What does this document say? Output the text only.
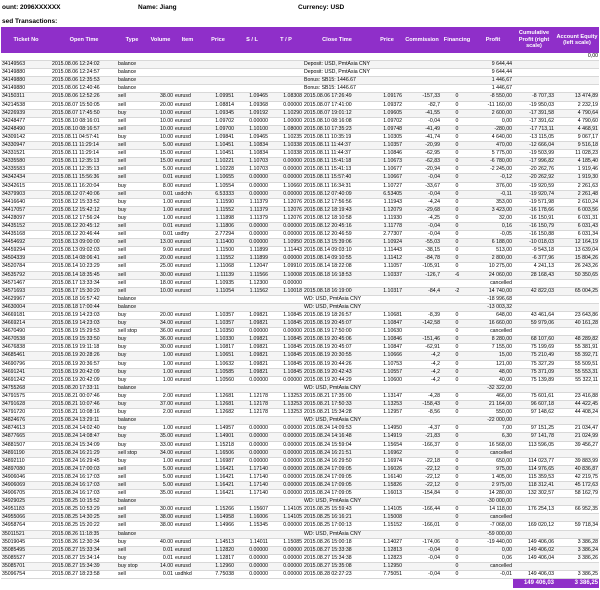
ount: 2096XXXXXX	Name: Jiang	Currency: USD
sed Transactions:
Ticket No	Open Time	Type	Volume	Item	Price	S / L	T / P	Close Time	Price	Commission	Financing	Profit	Cumulative Profit (right scale)	Account Equity (left scale)
														0,00
34149563	2015.08.06 12:24:02	balance						Deposit: USD, PmtAsia CNY				9 644,44		
34149880	2015.08.06 12:24:57	balance						Deposit: USD, PmtAsia CNY				9 644,44		
34149880	2015.08.06 12:35:53	balance						Bonus: SB15: 1446.67				1 446,67		
34149880	2015.08.06 12:40:46	balance						Bonus: SB15: 1446.67				1 446,67		
34150311	2015.08.06 12:52:26	sell	38.00	eurusd	1.09951	1.09465	1.08308	2015.08.06 17:26:49	1.09176	-157,33	0	-8 550,00	-8 707,33	13 474,89
34214538	2015.08.07 15:50:05	sell	20.00	eurusd	1.08814	1.09368	0.00000	2015.08.07 17:41:00	1.09372	-82,7	0	-11 160,00	-19 950,03	2 232,19
34226939	2015.08.07 17:45:50	buy	10.00	eurusd	1.09345	1.09192	1.10290	2015.08.07 19:01:12	1.09605	-41,55	0	2 600,00	-17 391,58	4 790,64
34248477	2015.08.10 08:16:01	sell	10.00	eurusd	1.09702	0.00000	1.00000	2015.08.10 08:16:08	1.09702	-0,04	0	0,00	-17 391,62	4 790,60
34248490	2015.08.10 08:16:57	sell	10.00	eurusd	1.09700	1.10100	1.08000	2015.08.10 17:35:23	1.09748	-41,49	0	-280,00	-17 713,11	4 468,91
34309142	2015.08.11 04:57:41	buy	10.00	eurusd	1.09841	1.09465	1.10235	2015.08.11 10:35:19	1.10305	-41,74	0	4 640,00	-13 115,05	9 067,17
34330947	2015.08.11 11:29:14	sell	5.00	eurusd	1.10451	1.10834	1.10338	2015.08.11 11:44:37	1.10357	-20,99	0	470,00	-12 666,04	9 516,18
34331521	2015.08.11 11:29:14	sell	15.00	eurusd	1.10451	1.10834	1.10338	2015.08.11 11:44:37	1.10846	-62,95	0	5 775,00	-19 503,99	11 028,23
34335580	2015.08.11 12:35:13	sell	15.00	eurusd	1.10221	1.10703	0.00000	2015.08.11 15:41:18	1.10673	-62,83	0	-6 780,00	-17 996,82	4 185,40
34335583	2015.08.11 12:35:13	sell	5.00	eurusd	1.10228	1.10703	0.00000	2015.08.11 15:41:13	1.10677	-20,94	0	-2 245,00	-20 262,76	1 919,46
34342434	2015.08.11 15:56:36	sell	0.01	eurusd	1.10655	0.00000	0.00000	2015.08.11 15:57:40	1.10667	-0,04	0	-0,12	-20 262,92	1 919,30
34342615	2015.08.11 16:20:04	buy	8.00	eurusd	1.10554	0.00000	1.10660	2015.08.11 16:34:31	1.10727	-33,67	0	376,00	-19 920,59	2 261,63
34379903	2015.08.12 07:40:06	sell	0.01	usdchh	6.53333	0.00000	0.00000	2015.08.12 07:40:09	6.53405	-0,04	0	-0,11	-19 920,74	2 261,48
34416640	2015.08.12 15:33:52	buy	1.00	eurusd	1.11590	1.11379	1.12076	2015.08.12 17:56:56	1.11943	-4,24	0	353,00	-19 571,98	2 610,24
34417057	2015.08.12 15:42:12	buy	1.00	eurusd	1.11552	1.11379	1.12076	2015.08.12 18:19:43	1.12079	-29,68	0	3 423,00	-16 178,66	6 003,56
34428097	2015.08.12 17:56:24	buy	1.00	eurusd	1.11898	1.11379	1.12076	2015.08.12 18:10:58	1.11930	-4,25	0	32,00	-16 150,91	6 031,31
34435152	2015.08.12 20:45:12	sell	0.01	eurusd	1.11806	0.00000	0.00000	2015.08.12 20:45:16	1.11778	-0,04	0	0,16	-16 150,79	6 031,43
34435168	2015.08.12 20:46:44	sell	0.01	usdtry	2.77294	0.00000	0.00000	2015.08.12 20:46:59	2.77307	-0,04	0	-0,05	-16 150,88	6 031,34
34454692	2015.08.13 09:00:00	sell	13.00	eurusd	1.11400	0.00000	1.10950	2015.08.13 15:39:06	1.10924	-55,03	0	6 188,00	-10 018,03	12 164,19
34459294	2015.08.13 09:02:03	sell	9.00	eurusd	1.11500	1.11899	1.11443	2015.08.14 09:03:10	1.11443	-38,15	0	513,00	-9 543,18	13 639,04
34504339	2015.08.14 08:06:41	sell	20.00	eurusd	1.11552	1.11899	0.00000	2015.08.14 09:10:55	1.11412	-84,78	0	2 800,00	-6 377,96	15 804,26
34520784	2015.08.14 10:23:29	sell	25.00	eurusd	1.11068	1.12047	1.09910	2015.08.14 18:22:08	1.11057	-105,91	0	10 275,00	4 241,13	26 243,26
34535792	2015.08.14 18:35:45	sell	30.00	eurusd	1.11139	1.11566	1.10008	2015.08.18 16:18:53	1.10337	-126,7	-6	24 060,00	28 168,43	50 350,65
34571467	2015.08.17 13:33:34	sell	18.00	eurusd	1.10935	1.12300	0.00000					cancelled		
34571693	2015.08.17 15:30:20	sell	10.00	eurusd	1.11054	1.11562	1.10018	2015.08.18 16:19:00	1.10317	-84,4	-2	14 740,00	42 822,03	65 004,25
34629967	2015.08.18 16:57:42	balance						WD: USD, PmtAsia CNY				-18 996,68		
34630004	2015.08.18 17:00:44	balance						WD: USD, PmtAsia CNY				-13 003,32		
34669181	2015.08.19 14:23:03	buy	20.00	eurusd	1.10357	1.09821	1.10845	2015.08.19 18:26:57	1.10681	-8,39	0	648,00	43 461,64	23 643,86
34669214	2015.08.19 14:23:03	buy	34.00	eurusd	1.10357	1.09821	1.10845	2015.08.19 20:45:07	1.10847	-142,58	0	16 660,00	59 979,06	40 161,28
34670490	2015.08.19 15:29:53	sell stop	36.00	eurusd	1.10350	0.00000	0.00000	2015.08.19 17:50:00	1.10630		0	cancelled		
34670538	2015.08.19 15:33:50	buy	36.00	eurusd	1.10330	1.09821	1.10845	2015.08.19 20:45:06	1.10846	-151,46	0	8 280,00	68 107,60	48 289,82
34676838	2015.08.19 19:11:18	buy	30.00	eurusd	1.10817	1.09821	1.10845	2015.08.19 20:45:07	1.10847	-62,91	0	7 155,00	75 199,69	55 381,91
34685461	2015.08.19 20:28:26	buy	1.00	eurusd	1.10651	1.09821	1.10845	2015.08.19 20:30:55	1.10666	-4,2	0	15,00	75 210,49	55 392,71
34690796	2015.08.19 20:36:57	buy	1.00	eurusd	1.10632	1.09821	1.10845	2015.08.19 20:44:26	1.10753	-4,2	0	121,00	75 327,29	55 509,51
34691241	2015.08.19 20:42:09	buy	1.00	eurusd	1.10585	1.09821	1.10845	2015.08.19 20:42:43	1.10557	-4,2	0	48,00	75 371,09	55 553,31
34691242	2015.08.19 20:42:09	buy	1.00	eurusd	1.10560	0.00000	0.00000	2015.08.19 20:44:29	1.10600	-4,2	0	40,00	75 139,89	55 322,11
34755268	2015.08.20 17:33:11	balance						WD: USD, PmtAsia CNY				-32 322,00		
34791575	2015.08.21 00:07:46	buy	2.00	eurusd	1.12681	1.12178	1.13253	2015.08.21 17:35:00	1.13147	-4,28	0	466,00	75 601,61	23 416,88
34791628	2015.08.21 10:07:46	buy	37.00	eurusd	1.12681	1.12178	1.13253	2015.08.21 17:50:33	1.13253	-158,43	0	21 164,00	96 607,18	44 422,45
34791720	2015.08.21 10:08:16	buy	2.00	eurusd	1.12682	1.12178	1.13253	2015.08.21 15:34:28	1.12957	-8,56	0	550,00	97 148,62	44 408,24
34824676	2015.08.24 13:29:11	balance						WD: USD, PmtAsia CNY				-22 000,00		
34874613	2015.08.24 14:02:40	buy	1.00	eurusd	1.14957	0.00000	0.00000	2015.08.24 14:09:53	1.14950	-4,37	0	7,00	97 151,25	21 034,47
34877665	2015.08.24 14:08:47	buy	35.00	eurusd	1.14901	0.00000	0.00000	2015.08.24 14:16:48	1.14919	-21,83	0	6,30	97 141,78	21 024,99
34881507	2015.08.24 15:34:09	buy	33.00	eurusd	1.15218	0.00000	0.00000	2015.08.24 15:59:04	1.15654	-166,37	0	16 568,00	113 596,05	39 456,27
34891190	2015.08.24 16:21:29	sell stop	34.00	eurusd	1.16506	0.00000	0.00000	2015.08.24 16:21:51	1.16962		0	cancelled		
34892110	2015.08.24 16:29:45	buy	1.00	eurusd	1.16987	0.00000	0.00000	2015.08.24 16:29:50	1.16974	-22,18	0	650,00	114 023,77	39 883,99
34897080	2015.08.24 17:00:03	sell	5.00	eurusd	1.16421	1.17140	0.00000	2015.08.24 17:09:05	1.16026	-22,12	0	975,00	114 976,65	40 836,87
34906046	2015.08.24 16:17:03	sell	5.00	eurusd	1.16421	1.17140	0.00000	2015.08.24 17:09:05	1.16140	-22,12	0	1 405,00	115 359,53	42 219,75
34906069	2015.08.24 16:17:03	sell	5.00	eurusd	1.16421	1.17140	0.00000	2015.08.24 17:09:05	1.15826	-22,12	0	2 975,00	118 312,41	45 172,63
34906705	2015.08.24 16:17:03	sell	35.00	eurusd	1.16421	1.17140	0.00000	2015.08.24 17:09:05	1.16013	-154,84	0	14 280,00	132 302,57	58 162,79
34929025	2015.08.25 10:15:52	balance						WD: USD, PmtAsia CNY				-30 000,00		
34951183	2015.08.25 10:53:29	sell	30.00	eurusd	1.15266	1.15607	1.14105	2015.08.25 15:59:43	1.14105	-166,44	0	14 118,00	176 254,13	66 952,35
34955066	2015.08.25 14:30:25	sell	38.00	eurusd	1.14958	1.16006	1.14105	2015.08.25 16:16:21	1.15008		0	cancelled		
34958764	2015.08.25 15:20:22	sell	38.00	eurusd	1.14966	1.15345	0.00000	2015.08.25 17:00:13	1.15152	-166,01	0	-7 068,00	169 020,12	59 718,34
35011521	2015.08.26 11:18:35	balance						WD: USD, PmtAsia CNY				-59 000,00		
35019045	2015.08.26 12:30:34	buy	40.00	eurusd	1.14513	1.14011	1.15085	2015.08.26 15:00:18	1.14027	-174,06	0	-19 440,00	149 406,06	3 386,28
35085495	2015.08.27 15:33:34	sell	0.01	eurusd	1.12820	0.00000	0.00000	2015.08.27 15:33:38	1.12813	-0,04	0	0,00	149 406,02	3 386,24
35085527	2015.08.27 15:34:14	buy	0.01	eurusd	1.12817	0.00000	0.00000	2015.08.27 15:34:38	1.12823	-0,04	0	0,06	149 406,04	3 386,26
35085701	2015.08.27 15:34:39	buy stop	14.00	eurusd	1.12960	0.00000	0.00000	2015.08.27 15:35:08	1.12950		0	cancelled		
35096754	2015.08.27 18:23:58	sell	0.01	usdhkd	7.75038	0.00000	0.00000	2015.08.28 02:27:23	7.75051	-0,04	0	-0,01	149 406,03	3 386,25
													149 406,03	3 386,25
